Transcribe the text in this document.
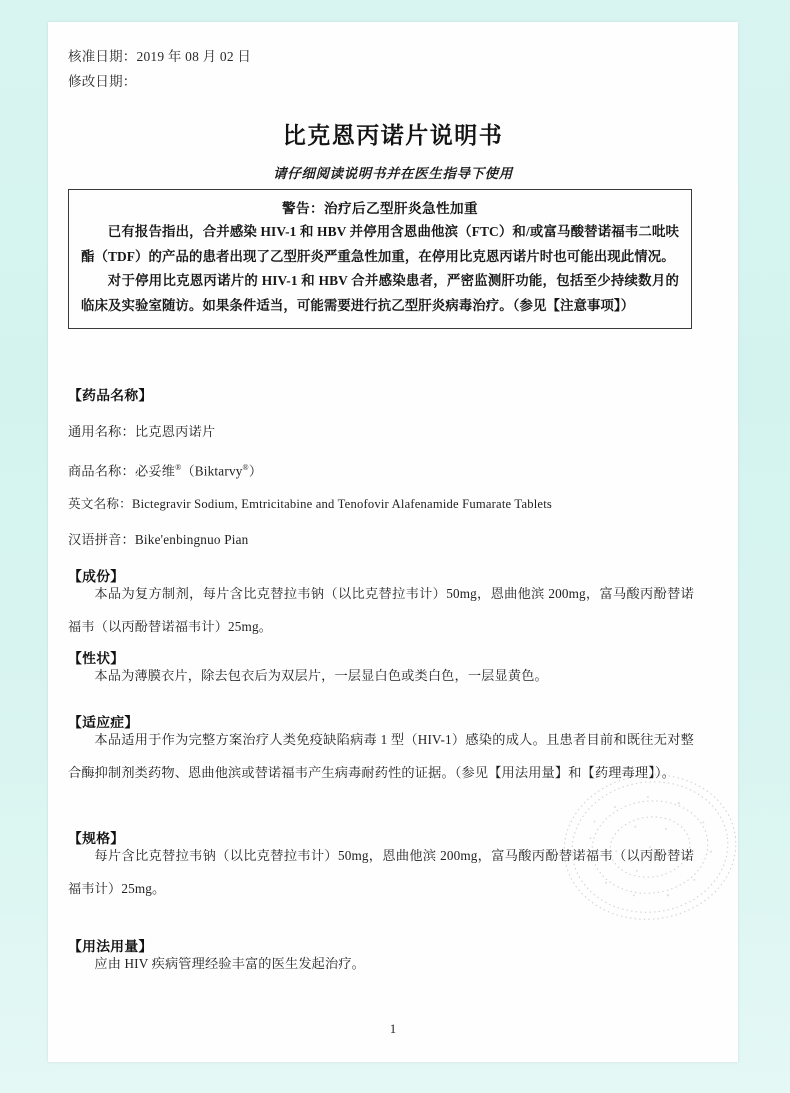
核准日期：2019 年 08 月 02 日
修改日期：
比克恩丙诺片说明书
请仔细阅读说明书并在医生指导下使用
警告：治疗后乙型肝炎急性加重
已有报告指出，合并感染 HIV-1 和 HBV 并停用含恩曲他滨（FTC）和/或富马酸替诺福韦二吡呋酯（TDF）的产品的患者出现了乙型肝炎严重急性加重，在停用比克恩丙诺片时也可能出现此情况。
对于停用比克恩丙诺片的 HIV-1 和 HBV 合并感染患者，严密监测肝功能，包括至少持续数月的临床及实验室随访。如果条件适当，可能需要进行抗乙型肝炎病毒治疗。（参见【注意事项】）
【药品名称】
通用名称：比克恩丙诺片
商品名称：必妥维®（Biktarvy®）
英文名称：Bictegravir Sodium, Emtricitabine and Tenofovir Alafenamide Fumarate Tablets
汉语拼音：Bike'enbingnuo Pian
【成份】
本品为复方制剂，每片含比克替拉韦钠（以比克替拉韦计）50mg，恩曲他滨 200mg，富马酸丙酚替诺福韦（以丙酚替诺福韦计）25mg。
【性状】
本品为薄膜衣片，除去包衣后为双层片，一层显白色或类白色，一层显黄色。
【适应症】
本品适用于作为完整方案治疗人类免疫缺陷病毒 1 型（HIV-1）感染的成人。且患者目前和既往无对整合酶抑制剂类药物、恩曲他滨或替诺福韦产生病毒耐药性的证据。（参见【用法用量】和【药理毒理】）。
【规格】
每片含比克替拉韦钠（以比克替拉韦计）50mg，恩曲他滨 200mg，富马酸丙酚替诺福韦（以丙酚替诺福韦计）25mg。
【用法用量】
应由 HIV 疾病管理经验丰富的医生发起治疗。
1
